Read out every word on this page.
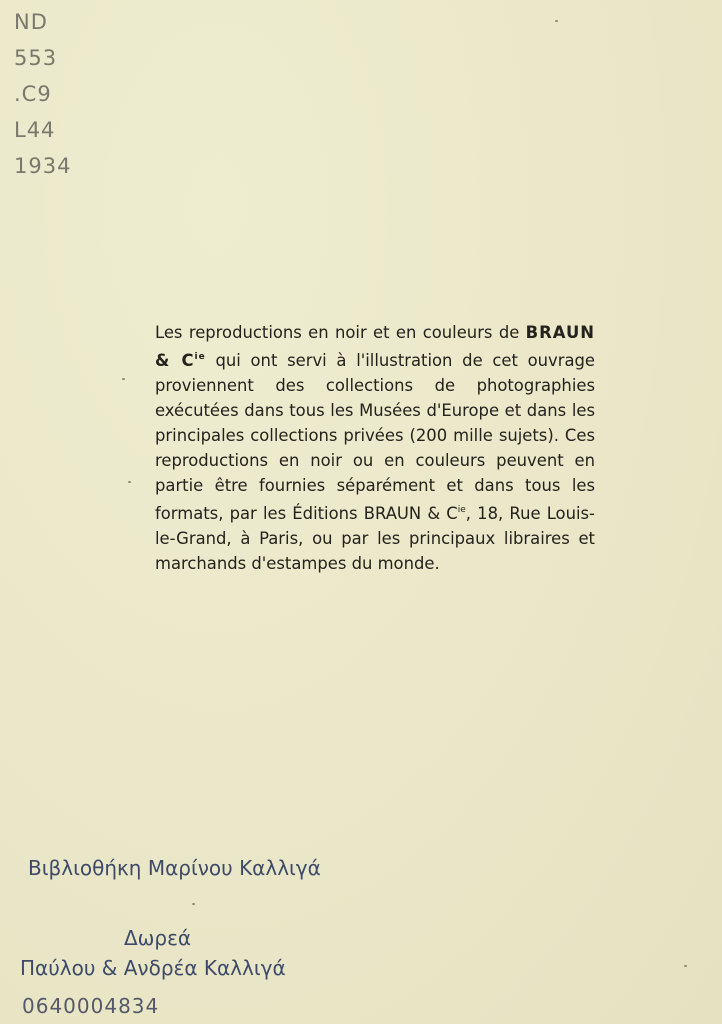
ND
553
.C9
L44
1934
Les reproductions en noir et en couleurs de BRAUN & $C^{ie}$ qui ont servi à l'illustration de cet ouvrage proviennent des collections de photographies exécutées dans tous les Musées d'Europe et dans les principales collections privées (200 mille sujets). Ces reproductions en noir ou en couleurs peuvent en partie être fournies séparément et dans tous les formats, par les Éditions BRAUN & $C^{ie}$, 18, Rue Louis-le-Grand, à Paris, ou par les principaux libraires et marchands d'estampes du monde.
Βιβλιοθήκη Μαρίνου Καλλιγά
Δωρεά
Παύλου & Ανδρέα Καλλιγά
0640004834
